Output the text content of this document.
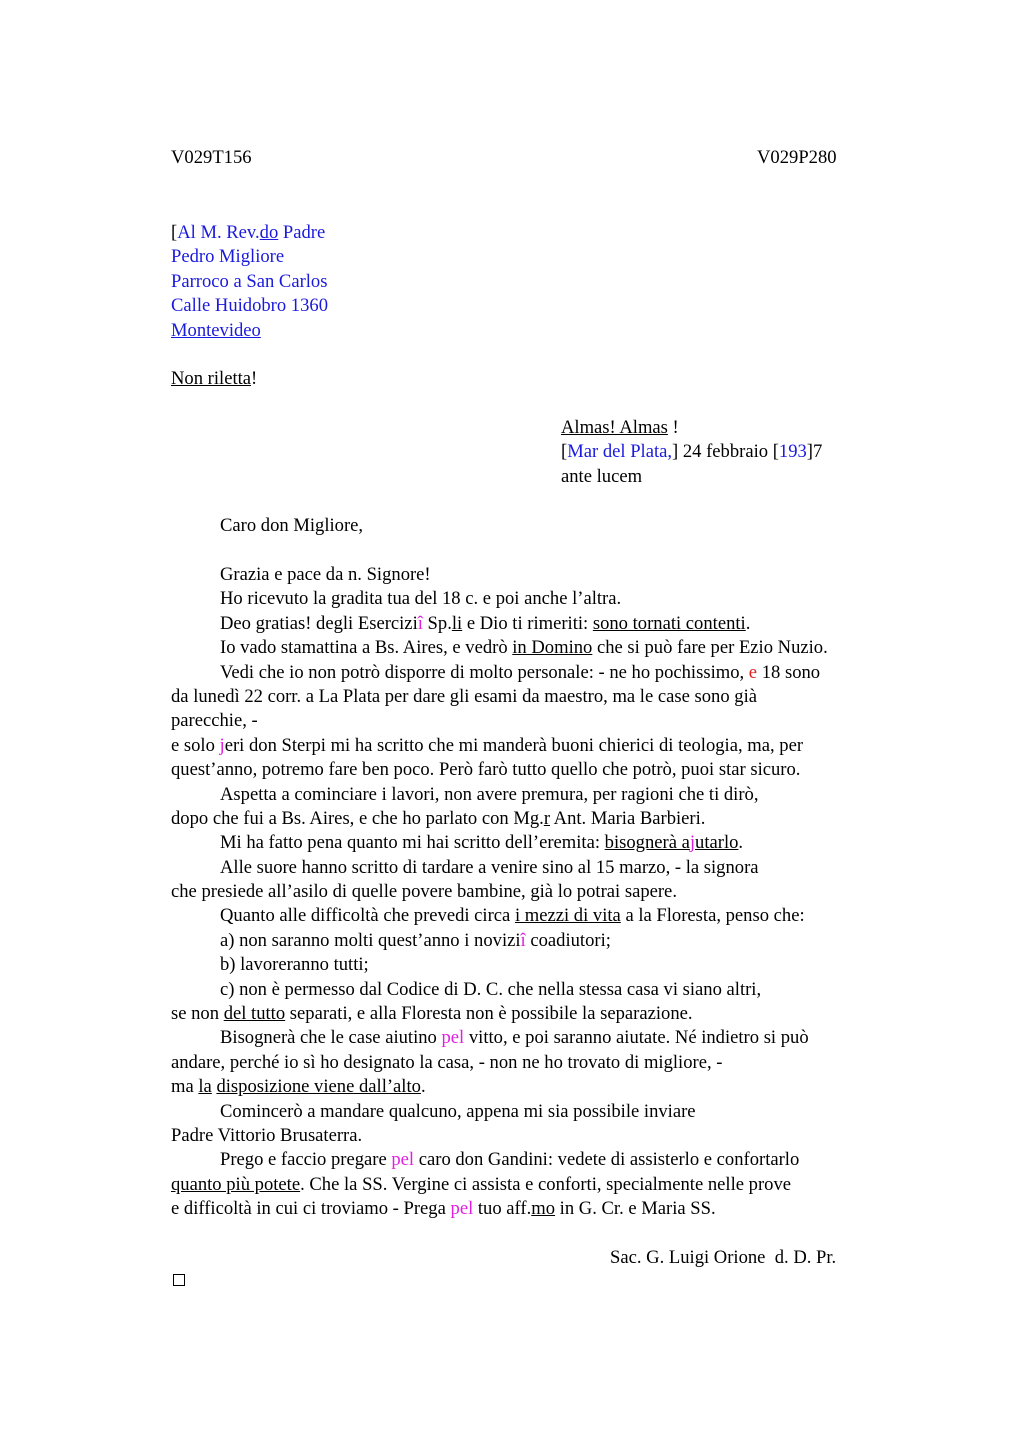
V029T156	V029P280
[Al M. Rev.do Padre
Pedro Migliore
Parroco a San Carlos
Calle Huidobro 1360
Montevideo
Non riletta!
Almas! Almas !
[Mar del Plata,] 24 febbraio [193]7
ante lucem
Caro don Migliore,
Grazia e pace da n. Signore!
Ho ricevuto la gradita tua del 18 c. e poi anche l’altra.
Deo gratias! degli Eserciziî Sp.li e Dio ti rimeriti: sono tornati contenti.
Io vado stamattina a Bs. Aires, e vedrò in Domino che si può fare per Ezio Nuzio.
Vedi che io non potrò disporre di molto personale: - ne ho pochissimo, e 18 sono
da lunedì 22 corr. a La Plata per dare gli esami da maestro, ma le case sono già
parecchie, -
e solo jeri don Sterpi mi ha scritto che mi manderà buoni chierici di teologia, ma, per
quest’anno, potremo fare ben poco. Però farò tutto quello che potrò, puoi star sicuro.
Aspetta a cominciare i lavori, non avere premura, per ragioni che ti dirò,
dopo che fui a Bs. Aires, e che ho parlato con Mg.r Ant. Maria Barbieri.
Mi ha fatto pena quanto mi hai scritto dell’eremita: bisognerà ajutarlo.
Alle suore hanno scritto di tardare a venire sino al 15 marzo, - la signora
che presiede all’asilo di quelle povere bambine, già lo potrai sapere.
Quanto alle difficoltà che prevedi circa i mezzi di vita a la Floresta, penso che:
a) non saranno molti quest’anno i noviziî coadiutori;
b) lavoreranno tutti;
c) non è permesso dal Codice di D. C. che nella stessa casa vi siano altri,
se non del tutto separati, e alla Floresta non è possibile la separazione.
Bisognerà che le case aiutino pel vitto, e poi saranno aiutate. Né indietro si può
andare, perché io sì ho designato la casa, - non ne ho trovato di migliore, -
ma la disposizione viene dall’alto.
Comincerò a mandare qualcuno, appena mi sia possibile inviare
Padre Vittorio Brusaterra.
Prego e faccio pregare pel caro don Gandini: vedete di assisterlo e confortarlo
quanto più potete. Che la SS. Vergine ci assista e conforti, specialmente nelle prove
e difficoltà in cui ci troviamo - Prega pel tuo aff.mo in G. Cr. e Maria SS.
Sac. G. Luigi Orione  d. D. Pr.
